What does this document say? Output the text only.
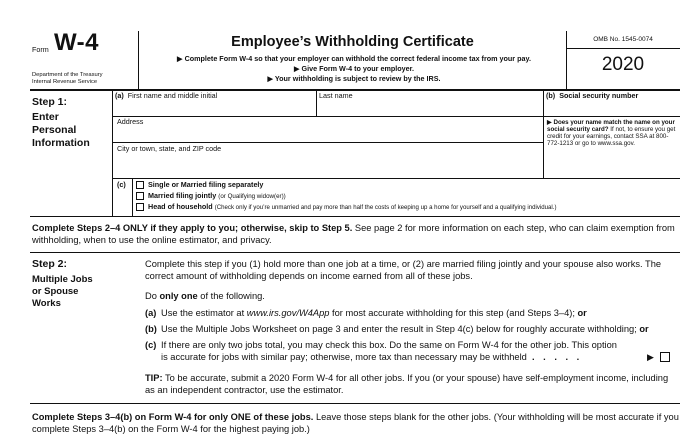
Form W-4
Department of the Treasury
Internal Revenue Service
Employee’s Withholding Certificate
▶ Complete Form W-4 so that your employer can withhold the correct federal income tax from your pay.
▶ Give Form W-4 to your employer.
▶ Your withholding is subject to review by the IRS.
OMB No. 1545-0074
2020
Step 1:
Enter
Personal
Information
(a) First name and middle initial	Last name	(b) Social security number
Address
City or town, state, and ZIP code
▶ Does your name match the name on your social security card? If not, to ensure you get credit for your earnings, contact SSA at 800-772-1213 or go to www.ssa.gov.
(c)	Single or Married filing separately
Married filing jointly (or Qualifying widow(er))
Head of household (Check only if you’re unmarried and pay more than half the costs of keeping up a home for yourself and a qualifying individual.)
Complete Steps 2–4 ONLY if they apply to you; otherwise, skip to Step 5. See page 2 for more information on each step, who can claim exemption from withholding, when to use the online estimator, and privacy.
Step 2:
Multiple Jobs
or Spouse
Works
Complete this step if you (1) hold more than one job at a time, or (2) are married filing jointly and your spouse also works. The correct amount of withholding depends on income earned from all of these jobs.
Do only one of the following.
(a) Use the estimator at www.irs.gov/W4App for most accurate withholding for this step (and Steps 3–4); or
(b) Use the Multiple Jobs Worksheet on page 3 and enter the result in Step 4(c) below for roughly accurate withholding; or
(c) If there are only two jobs total, you may check this box. Do the same on Form W-4 for the other job. This option
is accurate for jobs with similar pay; otherwise, more tax than necessary may be withheld . . . . .	▶
TIP: To be accurate, submit a 2020 Form W-4 for all other jobs. If you (or your spouse) have self-employment income, including as an independent contractor, use the estimator.
Complete Steps 3–4(b) on Form W-4 for only ONE of these jobs. Leave those steps blank for the other jobs. (Your withholding will be most accurate if you complete Steps 3–4(b) on the Form W-4 for the highest paying job.)
